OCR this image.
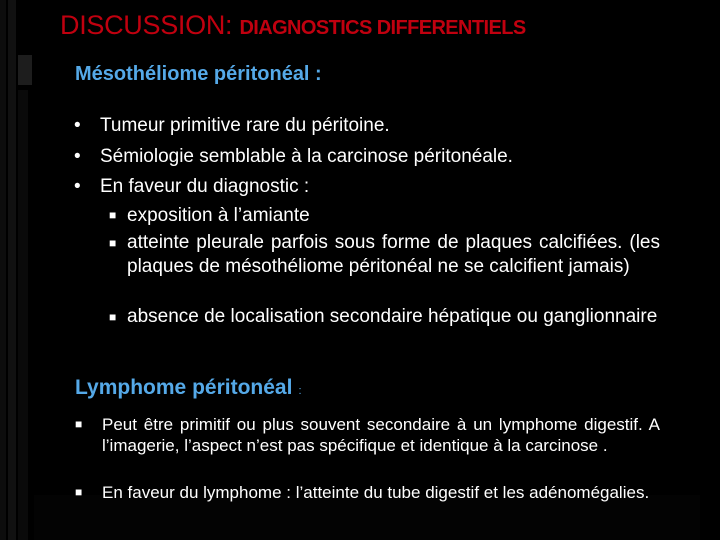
DISCUSSION: DIAGNOSTICS DIFFERENTIELS
Mésothéliome péritonéal :
• Tumeur primitive rare du péritoine.
• Sémiologie semblable à la carcinose péritonéale.
• En faveur du diagnostic :
■ exposition à l’amiante
■ atteinte pleurale parfois sous forme de plaques calcifiées. (les plaques de mésothéliome péritonéal ne se calcifient jamais)
■ absence de localisation secondaire hépatique ou ganglionnaire
Lymphome péritonéal :
■ Peut être primitif ou plus souvent secondaire à un lymphome digestif. A l’imagerie, l’aspect n’est pas spécifique et identique à la carcinose .
■ En faveur du lymphome : l’atteinte du tube digestif et les adénomégalies.
